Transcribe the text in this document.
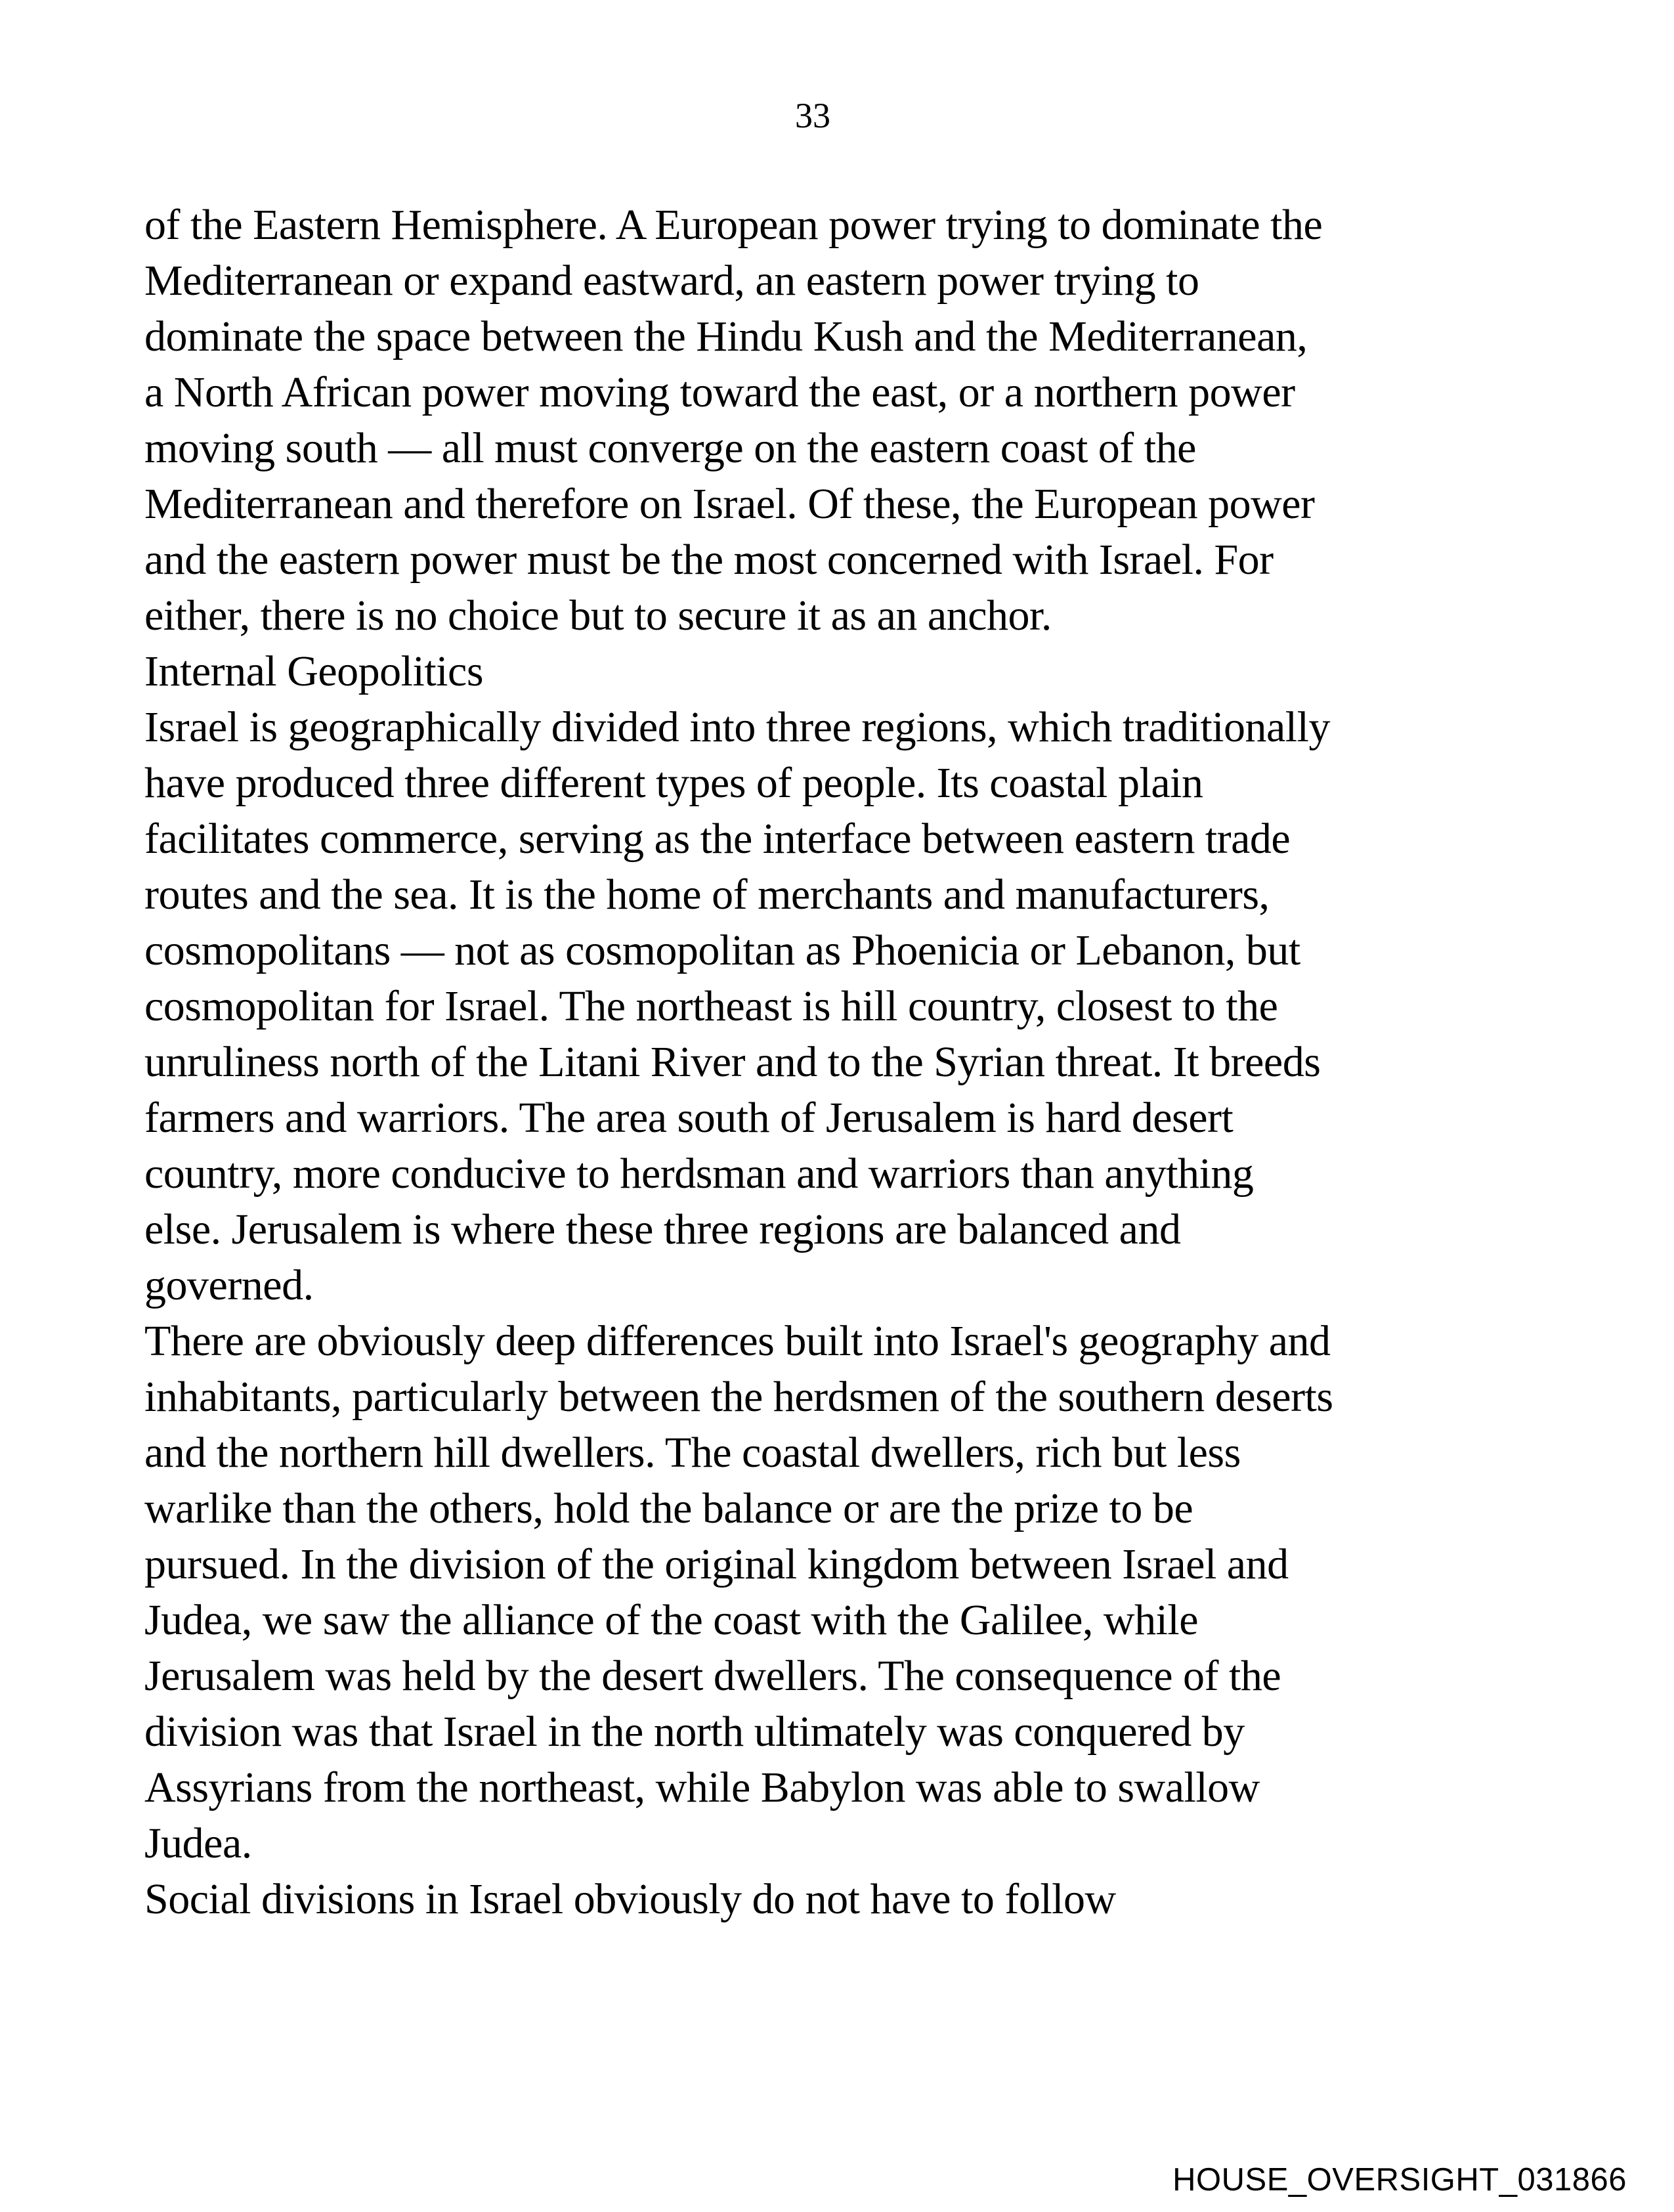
33
of the Eastern Hemisphere. A European power trying to dominate the
Mediterranean or expand eastward, an eastern power trying to
dominate the space between the Hindu Kush and the Mediterranean,
a North African power moving toward the east, or a northern power
moving south — all must converge on the eastern coast of the
Mediterranean and therefore on Israel. Of these, the European power
and the eastern power must be the most concerned with Israel. For
either, there is no choice but to secure it as an anchor.
Internal Geopolitics
Israel is geographically divided into three regions, which traditionally
have produced three different types of people. Its coastal plain
facilitates commerce, serving as the interface between eastern trade
routes and the sea. It is the home of merchants and manufacturers,
cosmopolitans — not as cosmopolitan as Phoenicia or Lebanon, but
cosmopolitan for Israel. The northeast is hill country, closest to the
unruliness north of the Litani River and to the Syrian threat. It breeds
farmers and warriors. The area south of Jerusalem is hard desert
country, more conducive to herdsman and warriors than anything
else. Jerusalem is where these three regions are balanced and
governed.
There are obviously deep differences built into Israel's geography and
inhabitants, particularly between the herdsmen of the southern deserts
and the northern hill dwellers. The coastal dwellers, rich but less
warlike than the others, hold the balance or are the prize to be
pursued. In the division of the original kingdom between Israel and
Judea, we saw the alliance of the coast with the Galilee, while
Jerusalem was held by the desert dwellers. The consequence of the
division was that Israel in the north ultimately was conquered by
Assyrians from the northeast, while Babylon was able to swallow
Judea.
Social divisions in Israel obviously do not have to follow
HOUSE_OVERSIGHT_031866
